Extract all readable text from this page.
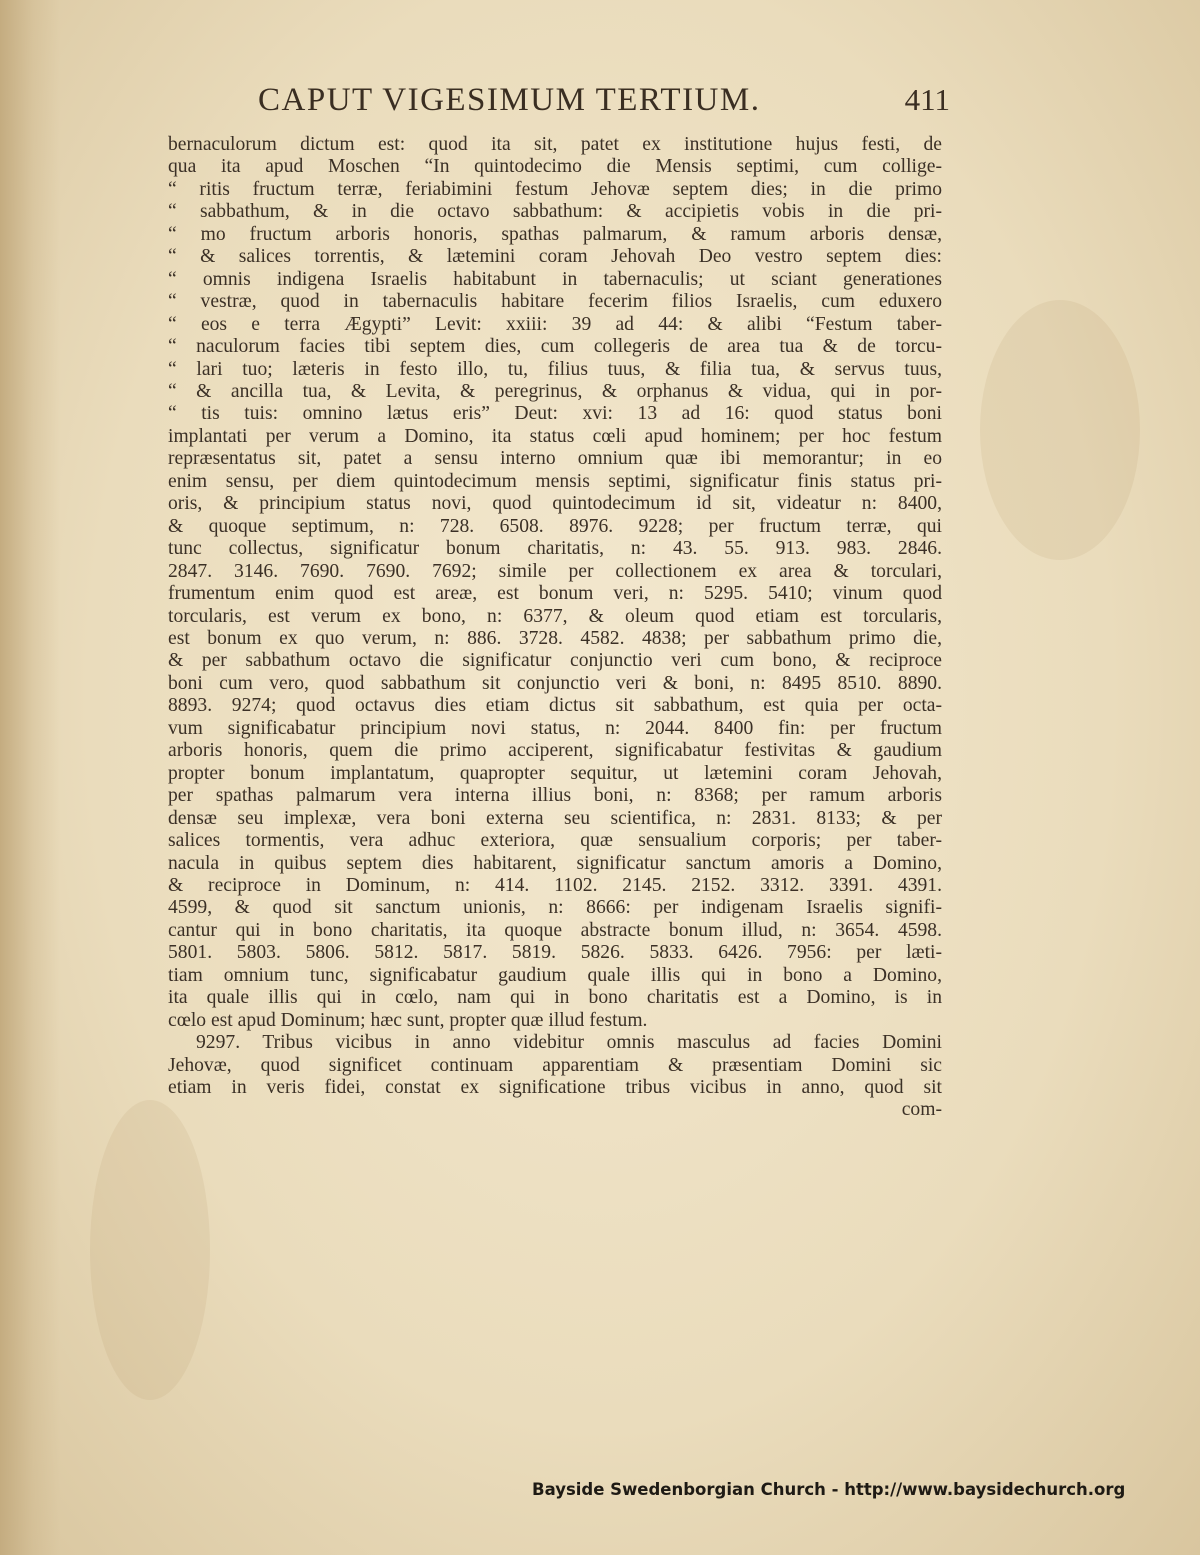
CAPUT VIGESIMUM TERTIUM.	411
bernaculorum dictum est: quod ita sit, patet ex institutione hujus festi, de
qua ita apud Moschen “In quintodecimo die Mensis septimi, cum collige-
“ ritis fructum terræ, feriabimini festum Jehovæ septem dies; in die primo
“ sabbathum, & in die octavo sabbathum: & accipietis vobis in die pri-
“ mo fructum arboris honoris, spathas palmarum, & ramum arboris densæ,
“ & salices torrentis, & lætemini coram Jehovah Deo vestro septem dies:
“ omnis indigena Israelis habitabunt in tabernaculis; ut sciant generationes
“ vestræ, quod in tabernaculis habitare fecerim filios Israelis, cum eduxero
“ eos e terra Ægypti” Levit: xxiii: 39 ad 44: & alibi “Festum taber-
“ naculorum facies tibi septem dies, cum collegeris de area tua & de torcu-
“ lari tuo; læteris in festo illo, tu, filius tuus, & filia tua, & servus tuus,
“ & ancilla tua, & Levita, & peregrinus, & orphanus & vidua, qui in por-
“ tis tuis: omnino lætus eris” Deut: xvi: 13 ad 16: quod status boni
implantati per verum a Domino, ita status cœli apud hominem; per hoc festum
repræsentatus sit, patet a sensu interno omnium quæ ibi memorantur; in eo
enim sensu, per diem quintodecimum mensis septimi, significatur finis status pri-
oris, & principium status novi, quod quintodecimum id sit, videatur n: 8400,
& quoque septimum, n: 728. 6508. 8976. 9228; per fructum terræ, qui
tunc collectus, significatur bonum charitatis, n: 43. 55. 913. 983. 2846.
2847. 3146. 7690. 7690. 7692; simile per collectionem ex area & torculari,
frumentum enim quod est areæ, est bonum veri, n: 5295. 5410; vinum quod
torcularis, est verum ex bono, n: 6377, & oleum quod etiam est torcularis,
est bonum ex quo verum, n: 886. 3728. 4582. 4838; per sabbathum primo die,
& per sabbathum octavo die significatur conjunctio veri cum bono, & reciproce
boni cum vero, quod sabbathum sit conjunctio veri & boni, n: 8495 8510. 8890.
8893. 9274; quod octavus dies etiam dictus sit sabbathum, est quia per octa-
vum significabatur principium novi status, n: 2044. 8400 fin: per fructum
arboris honoris, quem die primo acciperent, significabatur festivitas & gaudium
propter bonum implantatum, quapropter sequitur, ut lætemini coram Jehovah,
per spathas palmarum vera interna illius boni, n: 8368; per ramum arboris
densæ seu implexæ, vera boni externa seu scientifica, n: 2831. 8133; & per
salices tormentis, vera adhuc exteriora, quæ sensualium corporis; per taber-
nacula in quibus septem dies habitarent, significatur sanctum amoris a Domino,
& reciproce in Dominum, n: 414. 1102. 2145. 2152. 3312. 3391. 4391.
4599, & quod sit sanctum unionis, n: 8666: per indigenam Israelis signifi-
cantur qui in bono charitatis, ita quoque abstracte bonum illud, n: 3654. 4598.
5801. 5803. 5806. 5812. 5817. 5819. 5826. 5833. 6426. 7956: per læti-
tiam omnium tunc, significabatur gaudium quale illis qui in bono a Domino,
ita quale illis qui in cœlo, nam qui in bono charitatis est a Domino, is in
cœlo est apud Dominum; hæc sunt, propter quæ illud festum.
9297. Tribus vicibus in anno videbitur omnis masculus ad facies Domini
Jehovæ, quod significet continuam apparentiam & præsentiam Domini sic
etiam in veris fidei, constat ex significatione tribus vicibus in anno, quod sit
com-
Bayside Swedenborgian Church - http://www.baysidechurch.org
